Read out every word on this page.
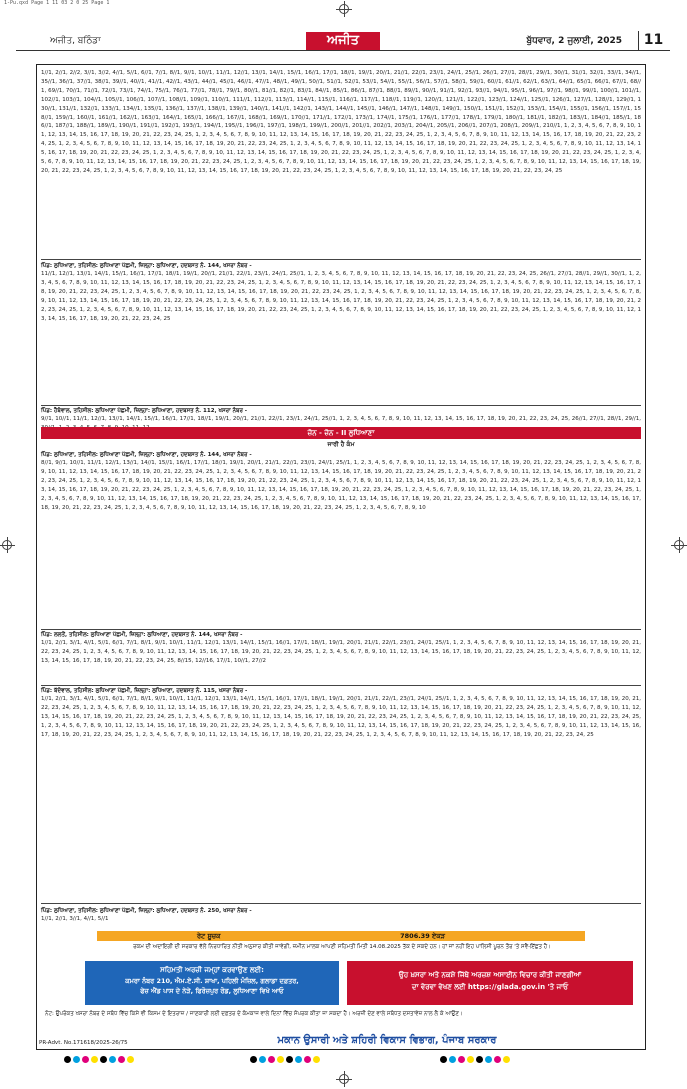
1-Pu.qxd Page 1 11 03 2 0 25 Page 1
ਅਜੀਤ, ਬਠਿੰਡਾ	ਅਜੀਤ	ਬੁੱਧਵਾਰ, 2 ਜੁਲਾਈ, 2025	11
1//1, 2//1, 2//2, 3//1, 3//2, 4//1, 5//1, 6//1, 7//1, 8//1, 9//1, 10//1, 11//1, 12//1, 13//1, 14//1, 15//1, 16//1, 17//1, 18//1, 19//1, 20//1, 21//1, 22//1, 23//1, 24//1, 25//1, 26//1, 27//1, 28//1, 29//1, 30//1, 31//1, 32//1, 33//1, 34//1, 35//1, 36//1, 37//1, 38//1, 39//1, 40//1, 41//1, 42//1, 43//1, 44//1, 45//1, 46//1, 47//1, 48//1, 49//1, 50//1, 51//1, 52//1, 53//1, 54//1, 55//1, 56//1, 57//1, 58//1, 59//1, 60//1, 61//1, 62//1, 63//1, 64//1, 65//1, 66//1, 67//1, 68//1, 69//1, 70//1, 71//1, 72//1, 73//1, 74//1, 75//1, 76//1, 77//1, 78//1, 79//1, 80//1, 81//1, 82//1, 83//1, 84//1, 85//1, 86//1, 87//1, 88//1, 89//1, 90//1, 91//1, 92//1, 93//1, 94//1, 95//1, 96//1, 97//1, 98//1, 99//1, 100//1, 101//1, 102//1, 103//1, 104//1, 105//1, 106//1, 107//1, 108//1, 109//1, 110//1, 111//1, 112//1, 113//1, 114//1, 115//1, 116//1, 117//1, 118//1, 119//1, 120//1, 121//1, 122//1, 123//1, 124//1, 125//1, 126//1, 127//1, 128//1, 129//1, 130//1, 131//1, 132//1, 133//1, 134//1, 135//1, 136//1, 137//1, 138//1, 139//1, 140//1, 141//1, 142//1, 143//1, 144//1, 145//1, 146//1, 147//1, 148//1, 149//1, 150//1, 151//1, 152//1, 153//1, 154//1, 155//1, 156//1, 157//1, 158//1, 159//1, 160//1, 161//1, 162//1, 163//1, 164//1, 165//1, 166//1, 167//1, 168//1, 169//1, 170//1, 171//1, 172//1, 173//1, 174//1, 175//1, 176//1, 177//1, 178//1, 179//1, 180//1, 181//1, 182//1, 183//1, 184//1, 185//1, 186//1, 187//1, 188//1, 189//1, 190//1, 191//1, 192//1, 193//1, 194//1, 195//1, 196//1, 197//1, 198//1, 199//1, 200//1, 201//1, 202//1, 203//1, 204//1, 205//1, 206//1, 207//1, 208//1, 209//1, 210//1, 1, 2, 3, 4, 5, 6, 7, 8, 9, 10, 11, 12, 13, 14, 15, 16, 17, 18, 19, 20, 21, 22, 23, 24, 25, 1, 2, 3, 4, 5, 6, 7, 8, 9, 10, 11, 12, 13, 14, 15, 16, 17, 18, 19, 20, 21, 22, 23, 24, 25, 1, 2, 3, 4, 5, 6, 7, 8, 9, 10, 11, 12, 13, 14, 15, 16, 17, 18, 19, 20, 21, 22, 23, 24, 25, 1, 2, 3, 4, 5, 6, 7, 8, 9, 10, 11, 12, 13, 14, 15, 16, 17, 18, 19, 20, 21, 22, 23, 24, 25, 1, 2, 3, 4, 5, 6, 7, 8, 9, 10, 11, 12, 13, 14, 15, 16, 17, 18, 19, 20, 21, 22, 23, 24, 25, 1, 2, 3, 4, 5, 6, 7, 8, 9, 10, 11, 12, 13, 14, 15, 16, 17, 18, 19, 20, 21, 22, 23, 24, 25, 1, 2, 3, 4, 5, 6, 7, 8, 9, 10, 11, 12, 13, 14, 15, 16, 17, 18, 19, 20, 21, 22, 23, 24, 25, 1, 2, 3, 4, 5, 6, 7, 8, 9, 10, 11, 12, 13, 14, 15, 16, 17, 18, 19, 20, 21, 22, 23, 24, 25, 1, 2, 3, 4, 5, 6, 7, 8, 9, 10, 11, 12, 13, 14, 15, 16, 17, 18, 19, 20, 21, 22, 23, 24, 25, 1, 2, 3, 4, 5, 6, 7, 8, 9, 10, 11, 12, 13, 14, 15, 16, 17, 18, 19, 20, 21, 22, 23, 24, 25, 1, 2, 3, 4, 5, 6, 7, 8, 9, 10, 11, 12, 13, 14, 15, 16, 17, 18, 19, 20, 21, 22, 23, 24, 25, 1, 2, 3, 4, 5, 6, 7, 8, 9, 10, 11, 12, 13, 14, 15, 16, 17, 18, 19, 20, 21, 22, 23, 24, 25, 1, 2, 3, 4, 5, 6, 7, 8, 9, 10, 11, 12, 13, 14, 15, 16, 17, 18, 19, 20, 21, 22, 23, 24, 25
ਪਿੰਡ: ਲੁਧਿਆਣਾ, ਤਹਿਸੀਲ: ਲੁਧਿਆਣਾ ਪੱਛਮੀ, ਜ਼ਿਲ੍ਹਾ: ਲੁਧਿਆਣਾ, ਹਦਬਸਤ ਨੰ. 144, ਖਸਰਾ ਨੰਬਰ -
11//1, 12//1, 13//1, 14//1, 15//1, 16//1, 17//1, 18//1, 19//1, 20//1, 21//1, 22//1, 23//1, 24//1, 25//1, 1, 2, 3, 4, 5, 6, 7, 8, 9, 10, 11, 12, 13, 14, 15, 16, 17, 18, 19, 20, 21, 22, 23, 24, 25, 26//1, 27//1, 28//1, 29//1, 30//1, 1, 2, 3, 4, 5, 6, 7, 8, 9, 10, 11, 12, 13, 14, 15, 16, 17, 18, 19, 20, 21, 22, 23, 24, 25, 1, 2, 3, 4, 5, 6, 7, 8, 9, 10, 11, 12, 13, 14, 15, 16, 17, 18, 19, 20, 21, 22, 23, 24, 25, 1, 2, 3, 4, 5, 6, 7, 8, 9, 10, 11, 12, 13, 14, 15, 16, 17, 18, 19, 20, 21, 22, 23, 24, 25, 1, 2, 3, 4, 5, 6, 7, 8, 9, 10, 11, 12, 13, 14, 15, 16, 17, 18, 19, 20, 21, 22, 23, 24, 25, 1, 2, 3, 4, 5, 6, 7, 8, 9, 10, 11, 12, 13, 14, 15, 16, 17, 18, 19, 20, 21, 22, 23, 24, 25, 1, 2, 3, 4, 5, 6, 7, 8, 9, 10, 11, 12, 13, 14, 15, 16, 17, 18, 19, 20, 21, 22, 23, 24, 25, 1, 2, 3, 4, 5, 6, 7, 8, 9, 10, 11, 12, 13, 14, 15, 16, 17, 18, 19, 20, 21, 22, 23, 24, 25, 1, 2, 3, 4, 5, 6, 7, 8, 9, 10, 11, 12, 13, 14, 15, 16, 17, 18, 19, 20, 21, 22, 23, 24, 25, 1, 2, 3, 4, 5, 6, 7, 8, 9, 10, 11, 12, 13, 14, 15, 16, 17, 18, 19, 20, 21, 22, 23, 24, 25, 1, 2, 3, 4, 5, 6, 7, 8, 9, 10, 11, 12, 13, 14, 15, 16, 17, 18, 19, 20, 21, 22, 23, 24, 25, 1, 2, 3, 4, 5, 6, 7, 8, 9, 10, 11, 12, 13, 14, 15, 16, 17, 18, 19, 20, 21, 22, 23, 24, 25
ਪਿੰਡ: ਹੈਬੋਵਾਲ, ਤਹਿਸੀਲ: ਲੁਧਿਆਣਾ ਪੱਛਮੀ, ਜ਼ਿਲ੍ਹਾ: ਲੁਧਿਆਣਾ, ਹਦਬਸਤ ਨੰ. 112, ਖਸਰਾ ਨੰਬਰ -
9//1, 10//1, 11//1, 12//1, 13//1, 14//1, 15//1, 16//1, 17//1, 18//1, 19//1, 20//1, 21//1, 22//1, 23//1, 24//1, 25//1, 1, 2, 3, 4, 5, 6, 7, 8, 9, 10, 11, 12, 13, 14, 15, 16, 17, 18, 19, 20, 21, 22, 23, 24, 25, 26//1, 27//1, 28//1, 29//1,
ਜ਼ੋਨ - ਜ਼ੋਨ - II ਲੁਧਿਆਣਾ
ਜਾਰੀ ਹੈ ਕੰਮ
ਪਿੰਡ: ਲੁਧਿਆਣਾ, ਤਹਿਸੀਲ: ਲੁਧਿਆਣਾ ਪੱਛਮੀ, ਜ਼ਿਲ੍ਹਾ: ਲੁਧਿਆਣਾ, ਹਦਬਸਤ ਨੰ. 144, ਖਸਰਾ ਨੰਬਰ -
8//1, 9//1, 10//1, 11//1, 12//1, 13//1, 14//1, 15//1, 16//1, 17//1, 18//1, 19//1, 20//1, 21//1, 22//1, 23//1, 24//1, 25//1, 1, 2, 3, 4, 5, 6, 7, 8, 9, 10, 11, 12, 13, 14, 15, 16, 17, 18, 19, 20, 21, 22, 23, 24, 25, 1, 2, 3, 4, 5, 6, 7, 8, 9, 10, 11, 12, 13, 14, 15, 16, 17, 18, 19, 20, 21, 22, 23, 24, 25, 1, 2, 3, 4, 5, 6, 7, 8, 9, 10, 11, 12, 13, 14, 15, 16, 17, 18, 19, 20, 21, 22, 23, 24, 25, 1, 2, 3, 4, 5, 6, 7, 8, 9, 10, 11, 12, 13, 14, 15, 16, 17, 18, 19, 20, 21, 22, 23, 24, 25, 1, 2, 3, 4, 5, 6, 7, 8, 9, 10, 11, 12, 13, 14, 15, 16, 17, 18, 19, 20, 21, 22, 23, 24, 25, 1, 2, 3, 4, 5, 6, 7, 8, 9, 10, 11, 12, 13, 14, 15, 16, 17, 18, 19, 20, 21, 22, 23, 24, 25, 1, 2, 3, 4, 5, 6, 7, 8, 9, 10, 11, 12, 13, 14, 15, 16, 17, 18, 19, 20, 21, 22, 23, 24, 25, 1, 2, 3, 4, 5, 6, 7, 8, 9, 10, 11, 12, 13, 14, 15, 16, 17, 18, 19, 20, 21, 22, 23, 24, 25, 1, 2, 3, 4, 5, 6, 7, 8, 9, 10, 11, 12, 13, 14, 15, 16, 17, 18, 19, 20, 21, 22, 23, 24, 25, 1, 2, 3, 4, 5, 6, 7, 8, 9, 10, 11, 12, 13, 14, 15, 16, 17, 18, 19, 20, 21, 22, 23, 24, 25, 1, 2, 3, 4, 5, 6, 7, 8, 9, 10, 11, 12, 13, 14, 15, 16, 17, 18, 19, 20, 21, 22, 23, 24, 25, 1, 2, 3, 4, 5, 6, 7, 8, 9, 10, 11, 12, 13, 14, 15, 16, 17, 18, 19, 20, 21, 22, 23, 24, 25, 1, 2, 3, 4, 5, 6, 7, 8, 9, 10, 11, 12, 13, 14, 15, 16, 17, 18, 19, 20, 21, 22, 23, 24, 25, 1, 2, 3, 4, 5, 6, 7, 8, 9, 10
ਪਿੰਡ: ਲਲਤੋਂ, ਤਹਿਸੀਲ: ਲੁਧਿਆਣਾ ਪੱਛਮੀ, ਜ਼ਿਲ੍ਹਾ: ਲੁਧਿਆਣਾ, ਹਦਬਸਤ ਨੰ. 144, ਖਸਰਾ ਨੰਬਰ -
1//1, 2//1, 3//1, 4//1, 5//1, 6//1, 7//1, 8//1, 9//1, 10//1, 11//1, 12//1, 13//1, 14//1, 15//1, 16//1, 17//1, 18//1, 19//1, 20//1, 21//1, 22//1, 23//1, 24//1, 25//1, 1, 2, 3, 4, 5, 6, 7, 8, 9, 10, 11, 12, 13, 14, 15, 16, 17, 18, 19, 20, 21, 22, 23, 24, 25, 1, 2, 3, 4, 5, 6, 7, 8, 9, 10, 11, 12, 13, 14, 15, 16, 17, 18, 19, 20, 21, 22, 23, 24, 25, 1, 2, 3, 4, 5, 6, 7, 8, 9, 10, 11, 12, 13, 14, 15, 16, 17, 18, 19, 20, 21, 22, 23, 24, 25, 1, 2, 3, 4, 5, 6, 7, 8, 9, 10, 11, 12, 13, 14, 15, 16, 17, 18, 19, 20, 21, 22, 23, 24, 25, 8//15, 12//16, 17//1, 10//1, 27//2
ਪਿੰਡ: ਬੱਦੋਵਾਲ, ਤਹਿਸੀਲ: ਲੁਧਿਆਣਾ ਪੱਛਮੀ, ਜ਼ਿਲ੍ਹਾ: ਲੁਧਿਆਣਾ, ਹਦਬਸਤ ਨੰ. 115, ਖਸਰਾ ਨੰਬਰ -
1//1, 2//1, 3//1, 4//1, 5//1, 6//1, 7//1, 8//1, 9//1, 10//1, 11//1, 12//1, 13//1, 14//1, 15//1, 16//1, 17//1, 18//1, 19//1, 20//1, 21//1, 22//1, 23//1, 24//1, 25//1, 1, 2, 3, 4, 5, 6, 7, 8, 9, 10, 11, 12, 13, 14, 15, 16, 17, 18, 19, 20, 21, 22, 23, 24, 25, 1, 2, 3, 4, 5, 6, 7, 8, 9, 10, 11, 12, 13, 14, 15, 16, 17, 18, 19, 20, 21, 22, 23, 24, 25, 1, 2, 3, 4, 5, 6, 7, 8, 9, 10, 11, 12, 13, 14, 15, 16, 17, 18, 19, 20, 21, 22, 23, 24, 25, 1, 2, 3, 4, 5, 6, 7, 8, 9, 10, 11, 12, 13, 14, 15, 16, 17, 18, 19, 20, 21, 22, 23, 24, 25, 1, 2, 3, 4, 5, 6, 7, 8, 9, 10, 11, 12, 13, 14, 15, 16, 17, 18, 19, 20, 21, 22, 23, 24, 25, 1, 2, 3, 4, 5, 6, 7, 8, 9, 10, 11, 12, 13, 14, 15, 16, 17, 18, 19, 20, 21, 22, 23, 24, 25, 1, 2, 3, 4, 5, 6, 7, 8, 9, 10, 11, 12, 13, 14, 15, 16, 17, 18, 19, 20, 21, 22, 23, 24, 25, 1, 2, 3, 4, 5, 6, 7, 8, 9, 10, 11, 12, 13, 14, 15, 16, 17, 18, 19, 20, 21, 22, 23, 24, 25, 1, 2, 3, 4, 5, 6, 7, 8, 9, 10, 11, 12, 13, 14, 15, 16, 17, 18, 19, 20, 21, 22, 23, 24, 25, 1, 2, 3, 4, 5, 6, 7, 8, 9, 10, 11, 12, 13, 14, 15, 16, 17, 18, 19, 20, 21, 22, 23, 24, 25, 1, 2, 3, 4, 5, 6, 7, 8, 9, 10, 11, 12, 13, 14, 15, 16, 17, 18, 19, 20, 21, 22, 23, 24, 25
ਪਿੰਡ: ਲੁਧਿਆਣਾ, ਤਹਿਸੀਲ: ਲੁਧਿਆਣਾ ਪੱਛਮੀ, ਜ਼ਿਲ੍ਹਾ: ਲੁਧਿਆਣਾ, ਹਦਬਸਤ ਨੰ. 250, ਖਸਰਾ ਨੰਬਰ -
1//1, 2//1, 3//1, 4//1, 5//1
ਰੇਟ ਸੂਚਕ	7806.39 ਏਕੜ
ਰਕਮ ਦੀ ਅਦਾਇਗੀ ਦੀ ਸਰਕਾਰ ਵੱਲੋਂ ਨਿਰਧਾਰਿਤ ਨੀਤੀ ਅਨੁਸਾਰ ਕੀਤੀ ਜਾਵੇਗੀ, ਜ਼ਮੀਨ ਮਾਲਕ ਆਪਣੀ ਸਹਿਮਤੀ ਮਿਤੀ 14.08.2025 ਤੱਕ ਦੇ ਸਕਦੇ ਹਨ। ਹਾਂ ਜਾਂ ਨਹੀਂ ਇਹ ਪਾਲਿਸੀ ਪੂਰਨ ਤੌਰ 'ਤੇ ਸਵੈ-ਇੱਛਤ ਹੈ।
ਸਹਿਮਤੀ ਅਰਜ਼ੀ ਜਮ੍ਹਾਂ ਕਰਵਾਉਣ ਲਈ:
ਕਮਰਾ ਨੰਬਰ 210, ਐਮ.ਏ.ਸੀ. ਸ਼ਾਖਾ, ਪਹਿਲੀ ਮੰਜ਼ਿਲ, ਗਲਾਡਾ ਦਫ਼ਤਰ,
ਫੇਜ਼ ਐਂਡ ਪਾਸ ਦੇ ਨੇੜੇ, ਫਿਰੋਜ਼ਪੁਰ ਰੋਡ, ਲੁਧਿਆਣਾ ਵਿਖੇ ਆਓ
ਉਹ ਖ਼ਸਰਾ ਅਤੇ ਨਕਸ਼ੇ ਜਿੱਥੇ ਅਰਜ਼ਸ਼ ਅਸਾਈਨ ਵਿਚਾਰ ਕੀਤੀ ਜਾਣਗੀਆਂ
ਦਾ ਵੇਰਵਾ ਵੇਖਣ ਲਈ https://glada.gov.in 'ਤੇ ਜਾਓ
ਨੋਟ: ਉਪਰੋਕਤ ਖਸਰਾ ਨੰਬਰ ਦੇ ਸਬੰਧ ਵਿੱਚ ਕਿਸੇ ਵੀ ਕਿਸਮ ਦੇ ਇਤਰਾਜ਼ / ਜਾਣਕਾਰੀ ਲਈ ਦਫ਼ਤਰ ਦੇ ਕੰਮਕਾਜ ਵਾਲੇ ਦਿਨਾਂ ਵਿੱਚ ਸੰਪਰਕ ਕੀਤਾ ਜਾ ਸਕਦਾ ਹੈ। ਅਰਜ਼ੀ ਦੇਣ ਵਾਲੇ ਸਬੰਧਤ ਦਸਤਾਵੇਜ਼ ਨਾਲ ਲੈ ਕੇ ਆਉਣ।
PR-Advt. No.171618/2025-26/75	ਮਕਾਨ ਉਸਾਰੀ ਅਤੇ ਸ਼ਹਿਰੀ ਵਿਕਾਸ ਵਿਭਾਗ, ਪੰਜਾਬ ਸਰਕਾਰ
